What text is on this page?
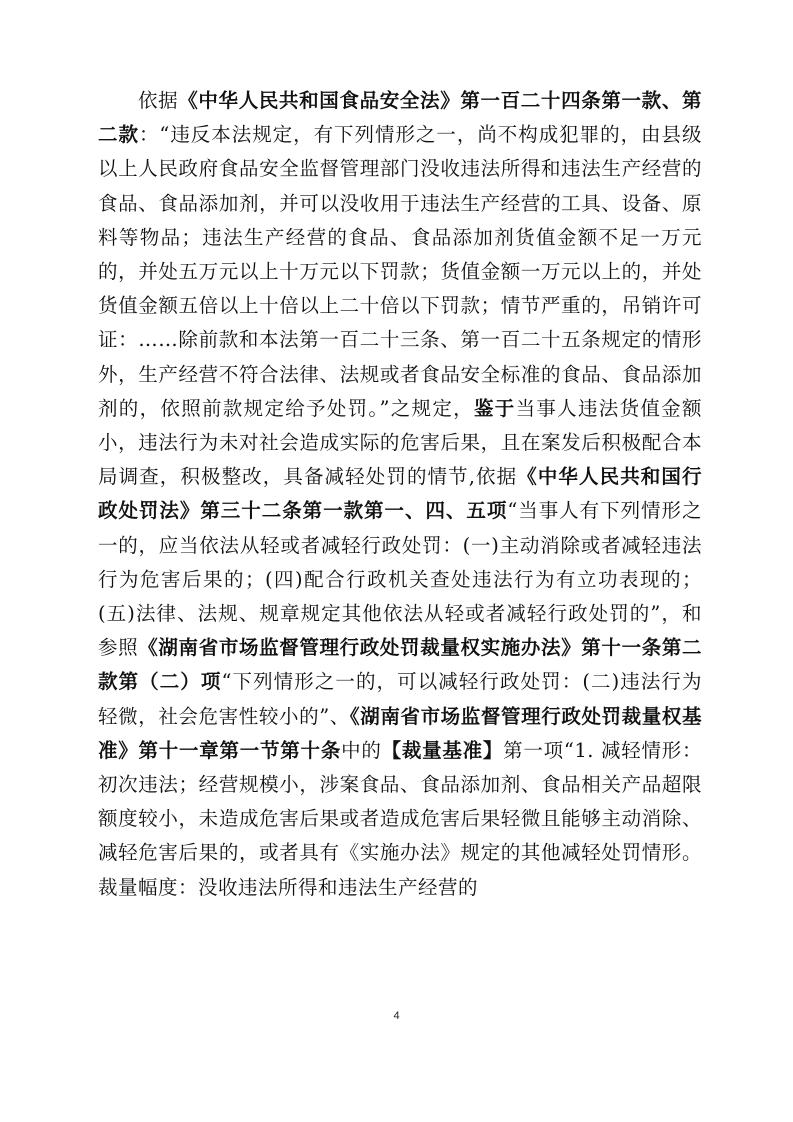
依据《中华人民共和国食品安全法》第一百二十四条第一款、第二款：“违反本法规定，有下列情形之一，尚不构成犯罪的，由县级以上人民政府食品安全监督管理部门没收违法所得和违法生产经营的食品、食品添加剂，并可以没收用于违法生产经营的工具、设备、原料等物品；违法生产经营的食品、食品添加剂货值金额不足一万元的，并处五万元以上十万元以下罚款；货值金额一万元以上的，并处货值金额五倍以上十倍以上二十倍以下罚款；情节严重的，吊销许可证：……除前款和本法第一百二十三条、第一百二十五条规定的情形外，生产经营不符合法律、法规或者食品安全标准的食品、食品添加剂的，依照前款规定给予处罚。”之规定，鉴于当事人违法货值金额小，违法行为未对社会造成实际的危害后果，且在案发后积极配合本局调查，积极整改，具备减轻处罚的情节,依据《中华人民共和国行政处罚法》第三十二条第一款第一、四、五项“当事人有下列情形之一的，应当依法从轻或者减轻行政处罚：(一)主动消除或者减轻违法行为危害后果的；(四)配合行政机关查处违法行为有立功表现的；(五)法律、法规、规章规定其他依法从轻或者减轻行政处罚的”，和参照《湖南省市场监督管理行政处罚裁量权实施办法》第十一条第二款第（二）项“下列情形之一的，可以减轻行政处罚：(二)违法行为轻微，社会危害性较小的”、《湖南省市场监督管理行政处罚裁量权基准》第十一章第一节第十条中的【裁量基准】第一项“1. 减轻情形：初次违法；经营规模小，涉案食品、食品添加剂、食品相关产品超限额度较小，未造成危害后果或者造成危害后果轻微且能够主动消除、减轻危害后果的，或者具有《实施办法》规定的其他减轻处罚情形。裁量幅度：没收违法所得和违法生产经营的

4
